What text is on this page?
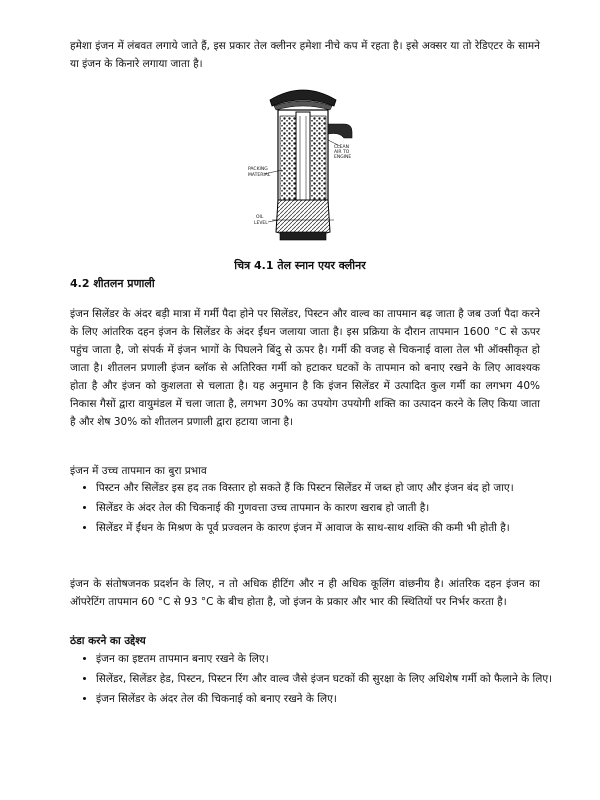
हमेशा इंजन में लंबवत लगाये जाते हैं, इस प्रकार तेल क्लीनर हमेशा नीचे कप में रहता है। इसे अक्सर या तो रेडिएटर के सामने या इंजन के किनारे लगाया जाता है।

PACKING
MATERIAL
CLEAN
AIR TO
ENGINE
OIL
LEVEL
चित्र 4.1 तेल स्नान एयर क्लीनर
4.2 शीतलन प्रणाली

इंजन सिलेंडर के अंदर बड़ी मात्रा में गर्मी पैदा होने पर सिलेंडर, पिस्टन और वाल्व का तापमान बढ़ जाता है जब उर्जा पैदा करने के लिए आंतरिक दहन इंजन के सिलेंडर के अंदर ईंधन जलाया जाता है। इस प्रक्रिया के दौरान तापमान 1600 °C से ऊपर पहुंच जाता है, जो संपर्क में इंजन भागों के पिघलने बिंदु से ऊपर है। गर्मी की वजह से चिकनाई वाला तेल भी ऑक्सीकृत हो जाता है। शीतलन प्रणाली इंजन ब्लॉक से अतिरिक्त गर्मी को हटाकर घटकों के तापमान को बनाए रखने के लिए आवश्यक होता है और इंजन को कुशलता से चलाता है। यह अनुमान है कि इंजन सिलेंडर में उत्पादित कुल गर्मी का लगभग 40% निकास गैसों द्वारा वायुमंडल में चला जाता है, लगभग 30% का उपयोग उपयोगी शक्ति का उत्पादन करने के लिए किया जाता है और शेष 30% को शीतलन प्रणाली द्वारा हटाया जाना है।

इंजन में उच्च तापमान का बुरा प्रभाव

• पिस्टन और सिलेंडर इस हद तक विस्तार हो सकते हैं कि पिस्टन सिलेंडर में जब्त हो जाए और इंजन बंद हो जाए।
• सिलेंडर के अंदर तेल की चिकनाई की गुणवत्ता उच्च तापमान के कारण खराब हो जाती है।
• सिलेंडर में ईंधन के मिश्रण के पूर्व प्रज्वलन के कारण इंजन में आवाज के साथ-साथ शक्ति की कमी भी होती है।

इंजन के संतोषजनक प्रदर्शन के लिए, न तो अधिक हीटिंग और न ही अधिक कूलिंग वांछनीय है। आंतरिक दहन इंजन का ऑपरेटिंग तापमान 60 °C से 93 °C के बीच होता है, जो इंजन के प्रकार और भार की स्थितियों पर निर्भर करता है।

ठंडा करने का उद्देश्य

• इंजन का इष्टतम तापमान बनाए रखने के लिए।
• सिलेंडर, सिलेंडर हेड, पिस्टन, पिस्टन रिंग और वाल्व जैसे इंजन घटकों की सुरक्षा के लिए अधिशेष गर्मी को फैलाने के लिए।
• इंजन सिलेंडर के अंदर तेल की चिकनाई को बनाए रखने के लिए।
